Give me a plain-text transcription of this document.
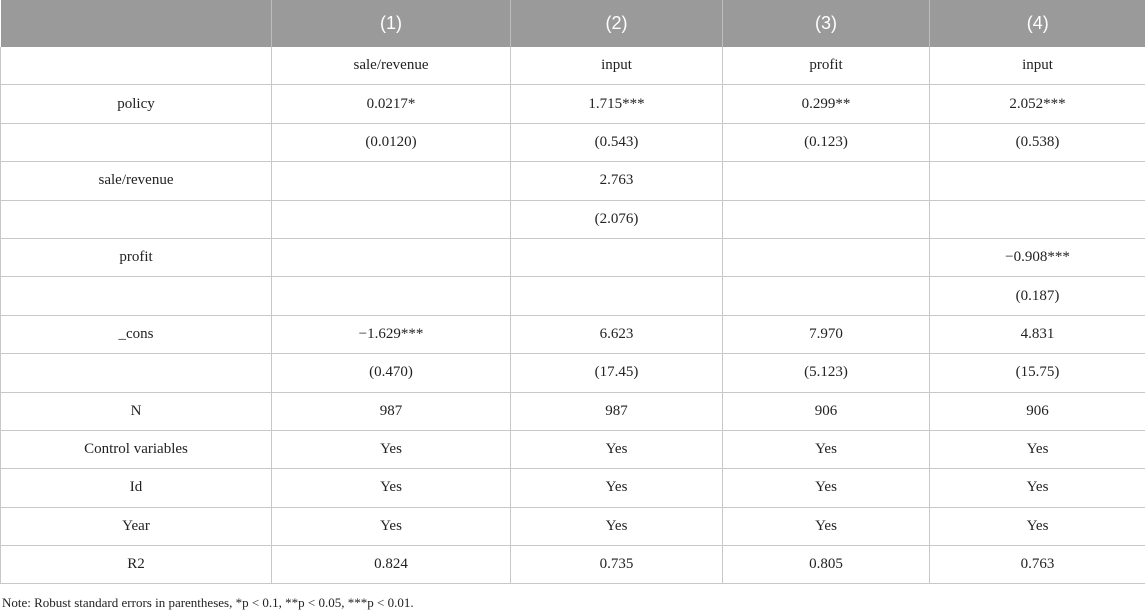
	(1)	(2)	(3)	(4)
	sale/revenue	input	profit	input
policy	0.0217*	1.715***	0.299**	2.052***
	(0.0120)	(0.543)	(0.123)	(0.538)
sale/revenue		2.763		
		(2.076)		
profit				−0.908***
				(0.187)
_cons	−1.629***	6.623	7.970	4.831
	(0.470)	(17.45)	(5.123)	(15.75)
N	987	987	906	906
Control variables	Yes	Yes	Yes	Yes
Id	Yes	Yes	Yes	Yes
Year	Yes	Yes	Yes	Yes
R2	0.824	0.735	0.805	0.763
Note: Robust standard errors in parentheses, *p < 0.1, **p < 0.05, ***p < 0.01.
